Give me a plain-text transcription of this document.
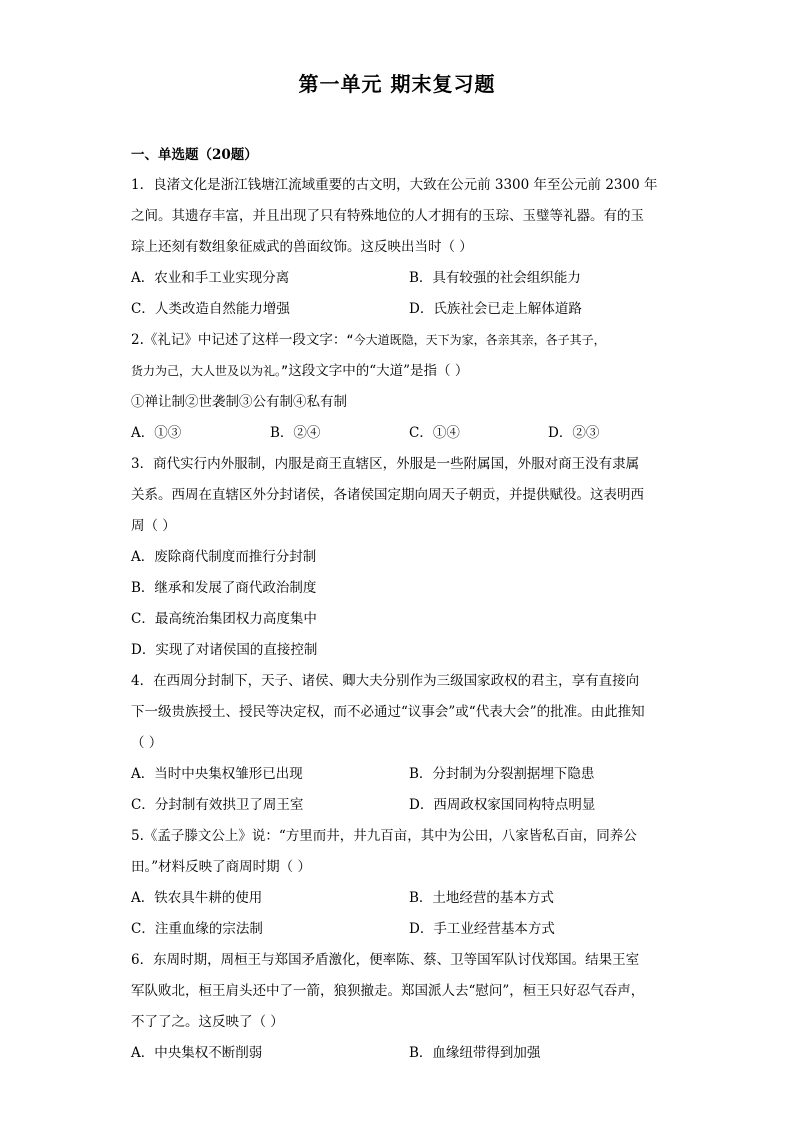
第一单元 期末复习题
一、单选题（20题）
1．良渚文化是浙江钱塘江流域重要的古文明，大致在公元前 3300 年至公元前 2300 年
之间。其遗存丰富，并且出现了只有特殊地位的人才拥有的玉琮、玉璧等礼器。有的玉
琮上还刻有数组象征威武的兽面纹饰。这反映出当时（ ）
A．农业和手工业实现分离	B．具有较强的社会组织能力
C．人类改造自然能力增强	D．氏族社会已走上解体道路
2.《礼记》中记述了这样一段文字：“今大道既隐，天下为家，各亲其亲，各子其子，
货力为己，大人世及以为礼。”这段文字中的“大道”是指（ ）
①禅让制②世袭制③公有制④私有制
A．①③	B．②④	C．①④	D．②③
3．商代实行内外服制，内服是商王直辖区，外服是一些附属国，外服对商王没有隶属
关系。西周在直辖区外分封诸侯，各诸侯国定期向周天子朝贡，并提供赋役。这表明西
周（ ）
A．废除商代制度而推行分封制
B．继承和发展了商代政治制度
C．最高统治集团权力高度集中
D．实现了对诸侯国的直接控制
4．在西周分封制下，天子、诸侯、卿大夫分别作为三级国家政权的君主，享有直接向
下一级贵族授土、授民等决定权，而不必通过“议事会”或“代表大会”的批准。由此推知
（ ）
A．当时中央集权雏形已出现	B．分封制为分裂割据埋下隐患
C．分封制有效拱卫了周王室	D．西周政权家国同构特点明显
5.《孟子滕文公上》说：“方里而井，井九百亩，其中为公田，八家皆私百亩，同养公
田。”材料反映了商周时期（ ）
A．铁农具牛耕的使用	B．土地经营的基本方式
C．注重血缘的宗法制	D．手工业经营基本方式
6．东周时期，周桓王与郑国矛盾激化，便率陈、蔡、卫等国军队讨伐郑国。结果王室
军队败北，桓王肩头还中了一箭，狼狈撤走。郑国派人去“慰问”，桓王只好忍气吞声，
不了了之。这反映了（ ）
A．中央集权不断削弱	B．血缘纽带得到加强
